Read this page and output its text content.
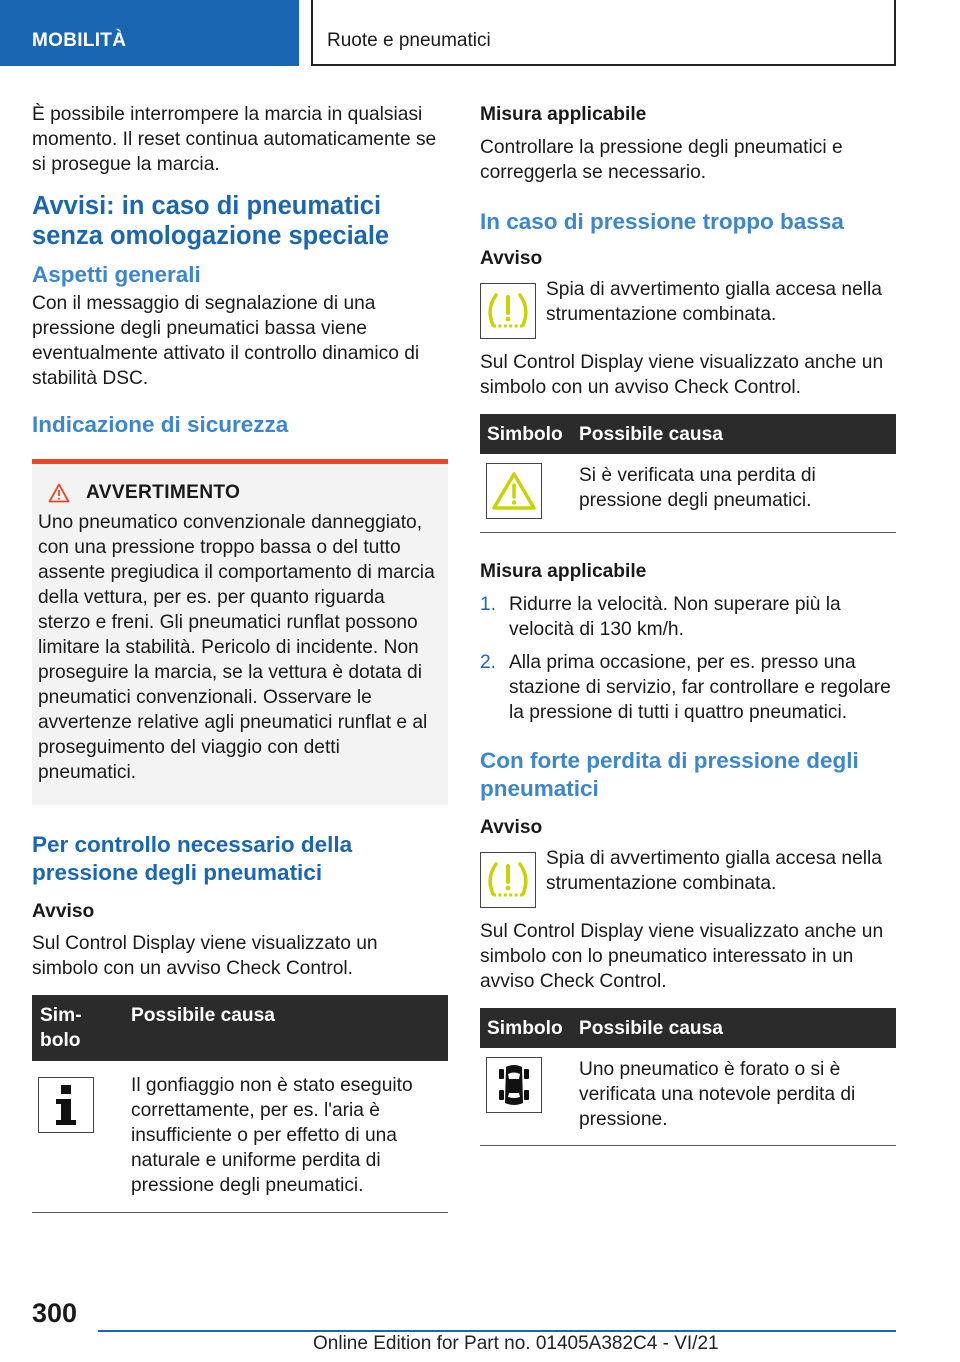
MOBILITÀ	Ruote e pneumatici

È possibile interrompere la marcia in qualsiasi momento. Il reset continua automaticamente se si prosegue la marcia.

Avvisi: in caso di pneumatici senza omologazione speciale
Aspetti generali

Con il messaggio di segnalazione di una pressione degli pneumatici bassa viene eventualmente attivato il controllo dinamico di stabilità DSC.

Indicazione di sicurezza
AVVERTIMENTO

Uno pneumatico convenzionale danneggiato, con una pressione troppo bassa o del tutto assente pregiudica il comportamento di marcia della vettura, per es. per quanto riguarda sterzo e freni. Gli pneumatici runflat possono limitare la stabilità. Pericolo di incidente. Non proseguire la marcia, se la vettura è dotata di pneumatici convenzionali. Osservare le avvertenze relative agli pneumatici runflat e al proseguimento del viaggio con detti pneumatici.

Per controllo necessario della pressione degli pneumatici
Avviso

Sul Control Display viene visualizzato un simbolo con un avviso Check Control.

Sim-
bolo	Possibile causa

	Il gonfiaggio non è stato eseguito correttamente, per es. l'aria è insufficiente o per effetto di una naturale e uniforme perdita di pressione degli pneumatici.
Misura applicabile

Controllare la pressione degli pneumatici e correggerla se necessario.

In caso di pressione troppo bassa
Avviso

Spia di avvertimento gialla accesa nella strumentazione combinata.

Sul Control Display viene visualizzato anche un simbolo con un avviso Check Control.

Simbolo	Possibile causa

	Si è verificata una perdita di pressione degli pneumatici.
Misura applicabile
1. Ridurre la velocità. Non superare più la velocità di 130 km/h.
2. Alla prima occasione, per es. presso una stazione di servizio, far controllare e regolare la pressione di tutti i quattro pneumatici.
Con forte perdita di pressione degli pneumatici
Avviso

Spia di avvertimento gialla accesa nella strumentazione combinata.

Sul Control Display viene visualizzato anche un simbolo con lo pneumatico interessato in un avviso Check Control.

Simbolo	Possibile causa

	Uno pneumatico è forato o si è verificata una notevole perdita di pressione.
300
Online Edition for Part no. 01405A382C4 - VI/21
